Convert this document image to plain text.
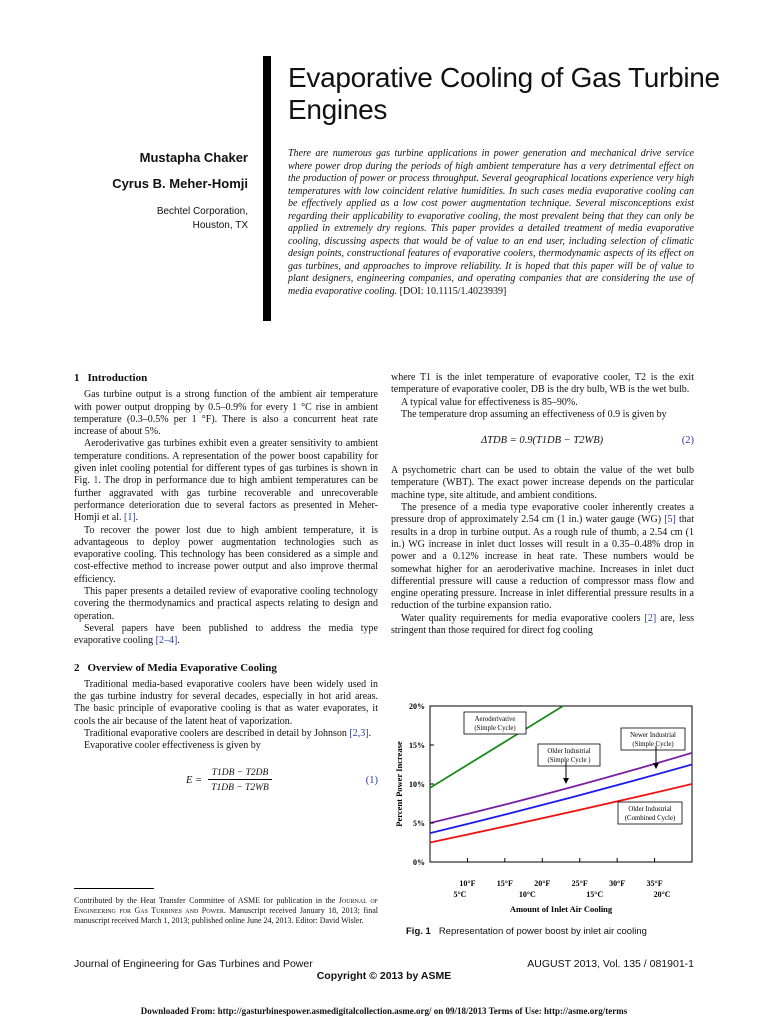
Evaporative Cooling of Gas Turbine Engines
Mustapha Chaker
Cyrus B. Meher-Homji
Bechtel Corporation,
Houston, TX
There are numerous gas turbine applications in power generation and mechanical drive service where power drop during the periods of high ambient temperature has a very detrimental effect on the production of power or process throughput. Several geographical locations experience very high temperatures with low coincident relative humidities. In such cases media evaporative cooling can be effectively applied as a low cost power augmentation technique. Several misconceptions exist regarding their applicability to evaporative cooling, the most prevalent being that they can only be applied in extremely dry regions. This paper provides a detailed treatment of media evaporative cooling, discussing aspects that would be of value to an end user, including selection of climatic design points, constructional features of evaporative coolers, thermodynamic aspects of its effect on gas turbines, and approaches to improve reliability. It is hoped that this paper will be of value to plant designers, engineering companies, and operating companies that are considering the use of media evaporative cooling. [DOI: 10.1115/1.4023939]
1 Introduction

Gas turbine output is a strong function of the ambient air temperature with power output dropping by 0.5–0.9% for every 1 °C rise in ambient temperature (0.3–0.5% per 1 °F). There is also a concurrent heat rate increase of about 5%.

Aeroderivative gas turbines exhibit even a greater sensitivity to ambient temperature conditions. A representation of the power boost capability for given inlet cooling potential for different types of gas turbines is shown in Fig. 1. The drop in performance due to high ambient temperatures can be further aggravated with gas turbine recoverable and unrecoverable performance deterioration due to several factors as presented in Meher-Homji et al. [1].

To recover the power lost due to high ambient temperature, it is advantageous to deploy power augmentation technologies such as evaporative cooling. This technology has been considered as a simple and cost-effective method to increase power output and also improve thermal efficiency.

This paper presents a detailed review of evaporative cooling technology covering the thermodynamics and practical aspects relating to design and operation.

Several papers have been published to address the media type evaporative cooling [2–4].

2 Overview of Media Evaporative Cooling

Traditional media-based evaporative coolers have been widely used in the gas turbine industry for several decades, especially in hot arid areas. The basic principle of evaporative cooling is that as water evaporates, it cools the air because of the latent heat of vaporization.

Traditional evaporative coolers are described in detail by Johnson [2,3].

Evaporative cooler effectiveness is given by

E =
T1DB − T2DB
T1DB − T2WB
(1)
Contributed by the Heat Transfer Committee of ASME for publication in the Journal of Engineering for Gas Turbines and Power. Manuscript received January 18, 2013; final manuscript received March 1, 2013; published online June 24, 2013. Editor: David Wisler.

where T1 is the inlet temperature of evaporative cooler, T2 is the exit temperature of evaporative cooler, DB is the dry bulb, WB is the wet bulb.

A typical value for effectiveness is 85–90%.

The temperature drop assuming an effectiveness of 0.9 is given by

ΔTDB = 0.9(T1DB − T2WB)	(2)

A psychometric chart can be used to obtain the value of the wet bulb temperature (WBT). The exact power increase depends on the particular machine type, site altitude, and ambient conditions.

The presence of a media type evaporative cooler inherently creates a pressure drop of approximately 2.54 cm (1 in.) water gauge (WG) [5] that results in a drop in turbine output. As a rough rule of thumb, a 2.54 cm (1 in.) WG increase in inlet duct losses will result in a 0.35–0.48% drop in power and a 0.12% increase in heat rate. These numbers would be somewhat higher for an aeroderivative machine. Increases in inlet duct differential pressure will cause a reduction of compressor mass flow and engine operating pressure. Increase in inlet differential pressure results in a reduction of the turbine expansion ratio.

Water quality requirements for media evaporative coolers [2] are, less stringent than those required for direct fog cooling

Aeroderivative
(Simple Cycle)
Older Industrial
(Simple Cycle )
Newer Industrial
(Simple Cycle)
Older Industrial
(Combined Cycle)
0%
5%
10%
15%
20%
10°F	15°F	20°F	25°F	30°F	35°F
5°C	10°C	15°C	20°C
Amount of Inlet Air Cooling
Percent Power Increase
Fig. 1 Representation of power boost by inlet air cooling
Journal of Engineering for Gas Turbines and Power	AUGUST 2013, Vol. 135 / 081901-1
Copyright © 2013 by ASME
Downloaded From: http://gasturbinespower.asmedigitalcollection.asme.org/ on 09/18/2013 Terms of Use: http://asme.org/terms
